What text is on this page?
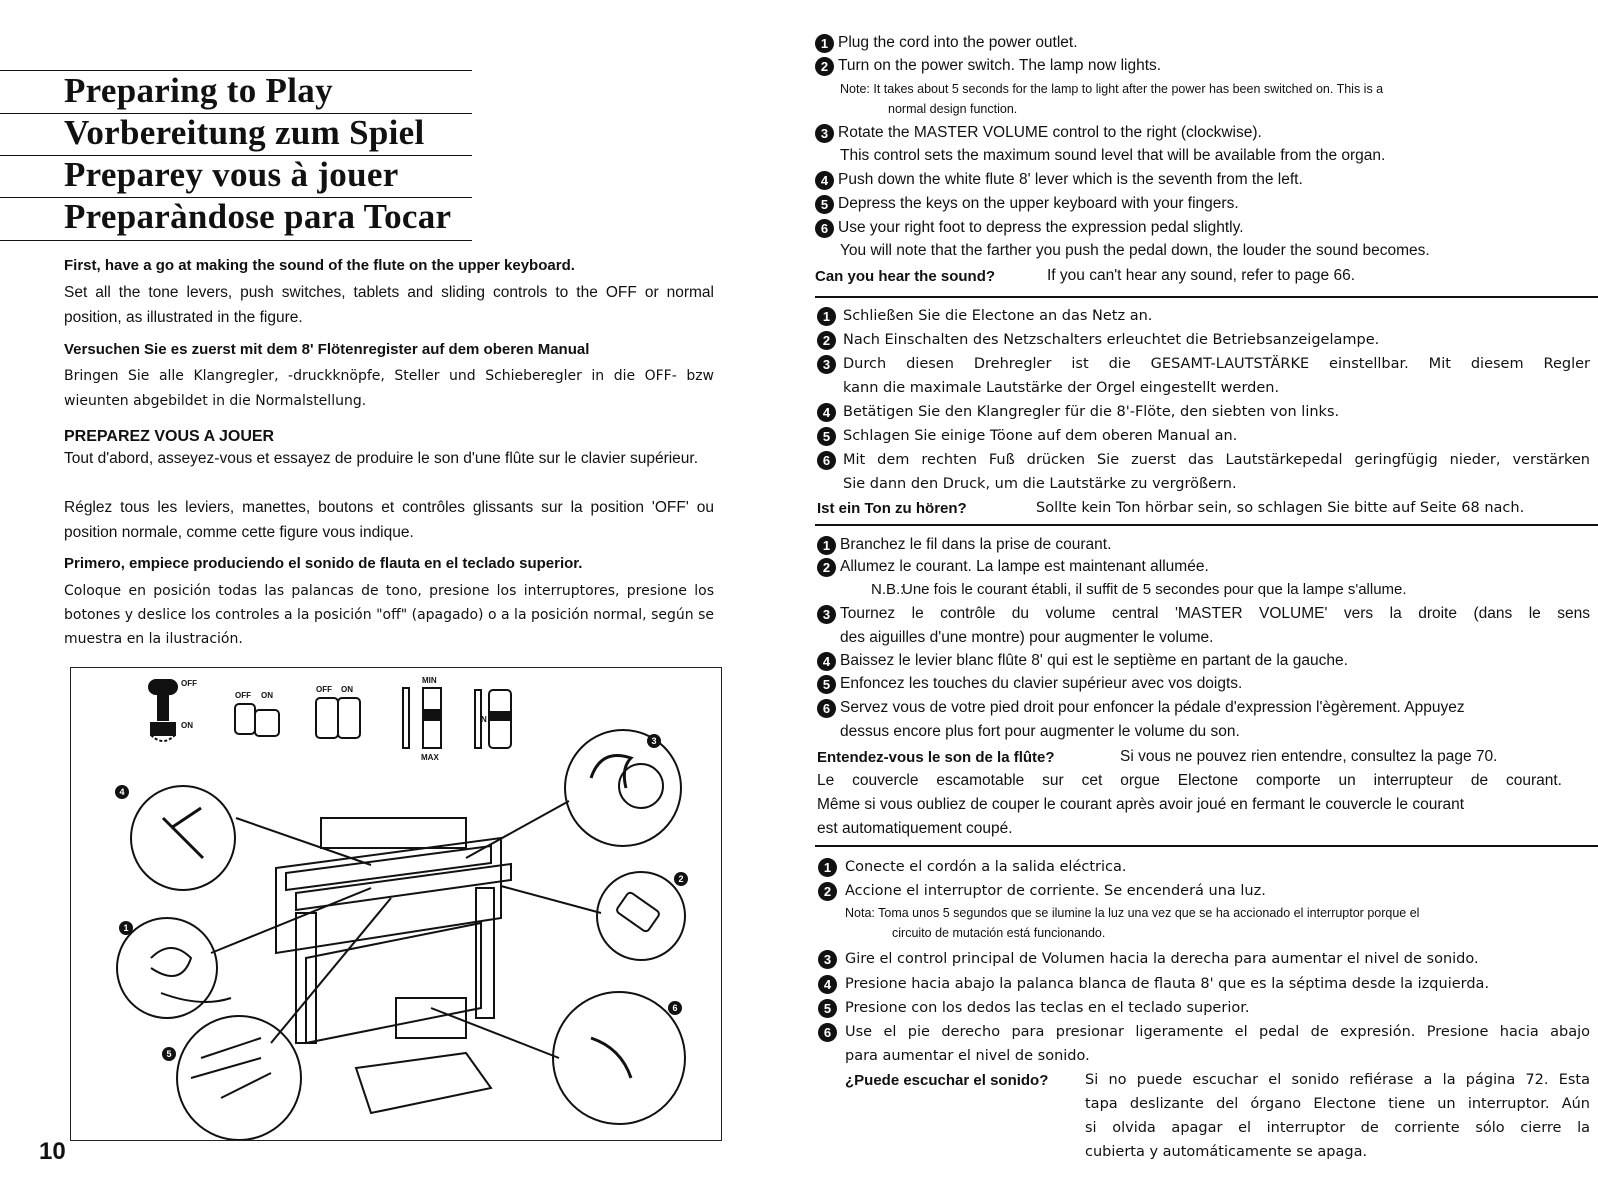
Preparing to Play
Vorbereitung zum Spiel
Preparey vous à jouer
Preparàndose para Tocar
First, have a go at making the sound of the flute on the upper keyboard.
Set all the tone levers, push switches, tablets and sliding controls to the OFF or normal position, as illustrated in the figure.
Versuchen Sie es zuerst mit dem 8' Flötenregister auf dem oberen Manual
Bringen Sie alle Klangregler, -druckknöpfe, Steller und Schieberegler in die OFF- bzw wieunten abgebildet in die Normalstellung.
PREPAREZ VOUS A JOUER
Tout d'abord, asseyez-vous et essayez de produire le son d'une flûte sur le clavier supérieur.
Réglez tous les leviers, manettes, boutons et contrôles glissants sur la position 'OFF' ou position normale, comme cette figure vous indique.
Primero, empiece produciendo el sonido de flauta en el teclado superior.
Coloque en posición todas las palancas de tono, presione los interruptores, presione los botones y deslice los controles a la posición "off" (apagado) o a la posición normal, según se muestra en la ilustración.
3
4
2
1
6
5
OFF
ON
OFF ON
OFF ON
MIN
MAX
N
10
1 Plug the cord into the power outlet.
2 Turn on the power switch. The lamp now lights.
Note: It takes about 5 seconds for the lamp to light after the power has been switched on. This is a
normal design function.
3 Rotate the MASTER VOLUME control to the right (clockwise).
This control sets the maximum sound level that will be available from the organ.
4 Push down the white flute 8' lever which is the seventh from the left.
5 Depress the keys on the upper keyboard with your fingers.
6 Use your right foot to depress the expression pedal slightly.
You will note that the farther you push the pedal down, the louder the sound becomes.
Can you hear the sound?	If you can't hear any sound, refer to page 66.
1 Schließen Sie die Electone an das Netz an.
2 Nach Einschalten des Netzschalters erleuchtet die Betriebsanzeigelampe.
3 Durch diesen Drehregler ist die GESAMT-LAUTSTÄRKE einstellbar. Mit diesem Regler
kann die maximale Lautstärke der Orgel eingestellt werden.
4 Betätigen Sie den Klangregler für die 8'-Flöte, den siebten von links.
5 Schlagen Sie einige Töone auf dem oberen Manual an.
6 Mit dem rechten Fuß drücken Sie zuerst das Lautstärkepedal geringfügig nieder, verstärken
Sie dann den Druck, um die Lautstärke zu vergrößern.
Ist ein Ton zu hören?	Sollte kein Ton hörbar sein, so schlagen Sie bitte auf Seite 68 nach.
1 Branchez le fil dans la prise de courant.
2 Allumez le courant. La lampe est maintenant allumée.
N.B.:
Une fois le courant établi, il suffit de 5 secondes pour que la lampe s'allume.
3 Tournez le contrôle du volume central 'MASTER VOLUME' vers la droite (dans le sens
des aiguilles d'une montre) pour augmenter le volume.
4 Baissez le levier blanc flûte 8' qui est le septième en partant de la gauche.
5 Enfoncez les touches du clavier supérieur avec vos doigts.
6 Servez vous de votre pied droit pour enfoncer la pédale d'expression l'ègèrement. Appuyez
dessus encore plus fort pour augmenter le volume du son.
Entendez-vous le son de la flûte?	Si vous ne pouvez rien entendre, consultez la page 70.
Le couvercle escamotable sur cet orgue Electone comporte un interrupteur de courant.
Même si vous oubliez de couper le courant après avoir joué en fermant le couvercle le courant
est automatiquement coupé.
1 Conecte el cordón a la salida eléctrica.
2 Accione el interruptor de corriente. Se encenderá una luz.
Nota: Toma unos 5 segundos que se ilumine la luz una vez que se ha accionado el interruptor porque el
circuito de mutación está funcionando.
3 Gire el control principal de Volumen hacia la derecha para aumentar el nivel de sonido.
4 Presione hacia abajo la palanca blanca de flauta 8' que es la séptima desde la izquierda.
5 Presione con los dedos las teclas en el teclado superior.
6 Use el pie derecho para presionar ligeramente el pedal de expresión. Presione hacia abajo
para aumentar el nivel de sonido.
¿Puede escuchar el sonido?	Si no puede escuchar el sonido refiérase a la página 72. Esta
tapa deslizante del órgano Electone tiene un interruptor. Aún
si olvida apagar el interruptor de corriente sólo cierre la
cubierta y automáticamente se apaga.
